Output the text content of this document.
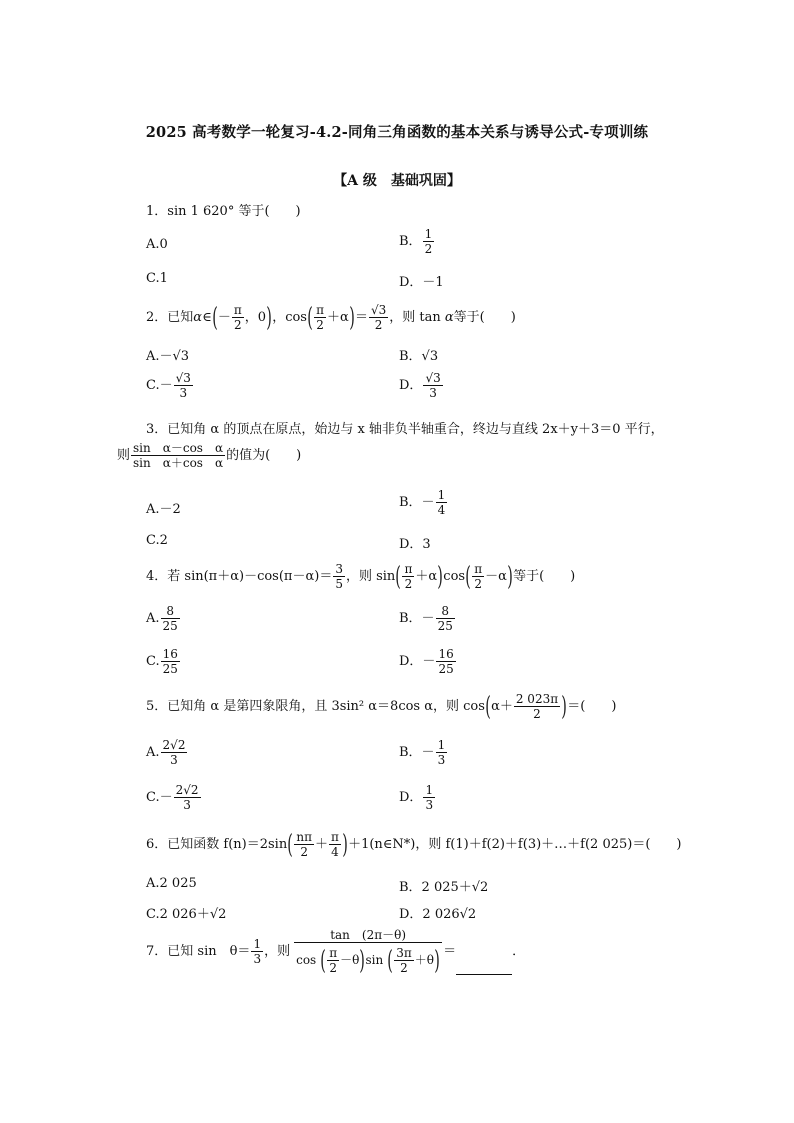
2025 高考数学一轮复习-4.2-同角三角函数的基本关系与诱导公式-专项训练
【A 级　基础巩固】
1．sin 1 620° 等于(　　)
A.0	B． $\frac{1}{2}$
C.1	D．－1
2．已知α∈(－ $\frac{\pi}{2}$ ，0)，$\cos( \frac{\pi}{2} +\alpha)= \frac{√3}{2}$ ，则 tan α等于(　　)
A.－√3	B．√3
$C.- \frac{√3}{3}$	D． $\frac{√3}{3}$
3．已知角 α 的顶点在原点，始边与 x 轴非负半轴重合，终边与直线 2x＋y＋3＝0 平行，
则 $\frac{\text{sin　α－cos　α}}{\text{sin　α＋cos　α}}$ 的值为(　　)
A.－2	B．－ $\frac{1}{4}$
C.2	D．3
4．若 $\sin(\pi+\alpha)-\cos(\pi-\alpha)= \frac{3}{5}$ ，则 $\sin( \frac{\pi}{2} +\alpha)\cos( \frac{\pi}{2} -\alpha)$等于(　　)
A. $\frac{8}{25}$	B．－ $\frac{8}{25}$
C. $\frac{16}{25}$	D．－ $\frac{16}{25}$
5．已知角 α 是第四象限角，且 3sin² α＝8cos α，则 $\cos(\alpha+ \frac{2 023\pi}{2}$ )＝(　　)
A. $\frac{2√2}{3}$	B．－ $\frac{1}{3}$
$C.- \frac{2√2}{3}$	D． $\frac{1}{3}$
6．已知函数 $f(n)=2\sin( \frac{n\pi}{2} + \frac{\pi}{4}$ )＋1(n∈N*)，则 f(1)＋f(2)＋f(3)＋…＋f(2 025)＝(　　)
A.2 025	B．2 025＋√2
C.2 026＋√2	D．2 026√2
7．已知 sin　$\theta= \frac{1}{3}$ ，则 $\frac{\tan (2\pi-\theta)}{\cos ( \frac{\pi}{2} -\theta)\sin ( \frac{3\pi}{2} +\theta)}$ ＝	．
